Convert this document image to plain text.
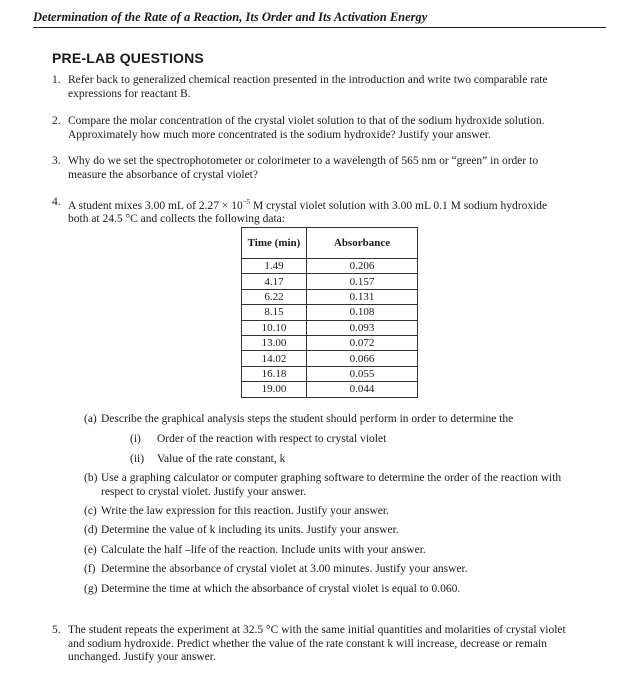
Determination of the Rate of a Reaction, Its Order and Its Activation Energy
PRE-LAB QUESTIONS
1. Refer back to generalized chemical reaction presented in the introduction and write two comparable rate expressions for reactant B.
2. Compare the molar concentration of the crystal violet solution to that of the sodium hydroxide solution. Approximately how much more concentrated is the sodium hydroxide? Justify your answer.
3. Why do we set the spectrophotometer or colorimeter to a wavelength of 565 nm or “green” in order to measure the absorbance of crystal violet?
4. A student mixes 3.00 mL of $2.27 \times 10^{-5}$ M crystal violet solution with 3.00 mL 0.1 M sodium hydroxide both at 24.5 °C and collects the following data:
Time (min)	Absorbance
1.49	0.206
4.17	0.157
6.22	0.131
8.15	0.108
10.10	0.093
13.00	0.072
14.02	0.066
16.18	0.055
19.00	0.044
(a) Describe the graphical analysis steps the student should perform in order to determine the
(i) Order of the reaction with respect to crystal violet
(ii) Value of the rate constant, k
(b) Use a graphing calculator or computer graphing software to determine the order of the reaction with respect to crystal violet. Justify your answer.
(c) Write the law expression for this reaction. Justify your answer.
(d) Determine the value of k including its units. Justify your answer.
(e) Calculate the half –life of the reaction. Include units with your answer.
(f) Determine the absorbance of crystal violet at 3.00 minutes. Justify your answer.
(g) Determine the time at which the absorbance of crystal violet is equal to 0.060.
5. The student repeats the experiment at 32.5 °C with the same initial quantities and molarities of crystal violet and sodium hydroxide. Predict whether the value of the rate constant k will increase, decrease or remain unchanged. Justify your answer.
